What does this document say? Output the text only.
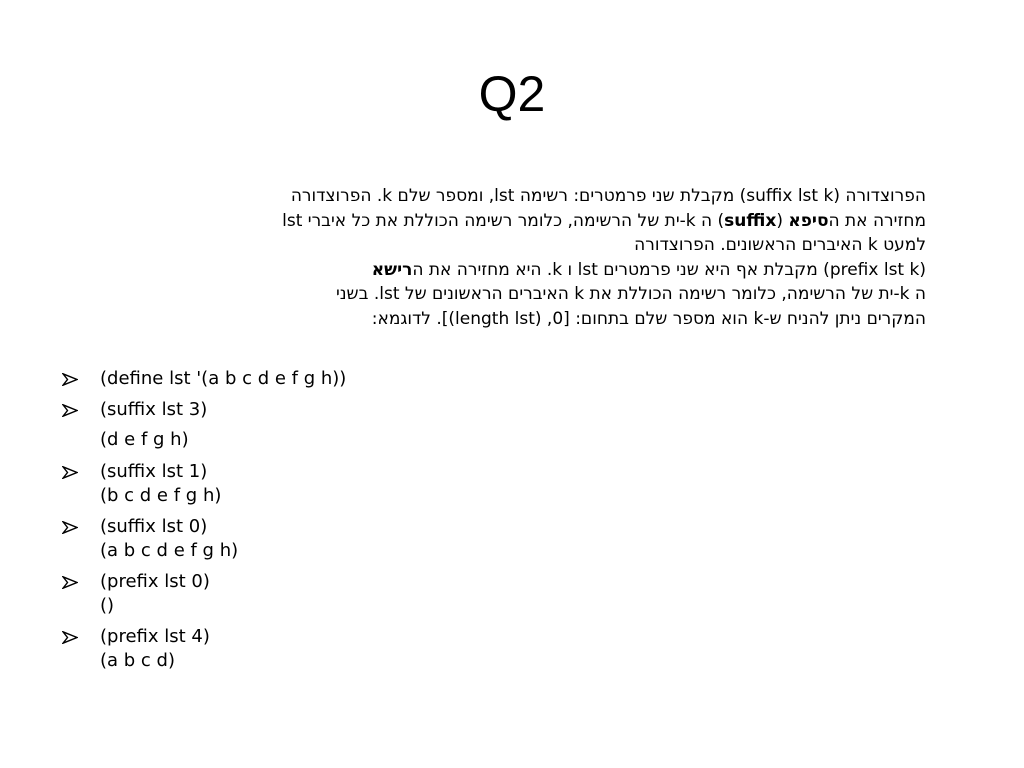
Q2
הפרוצדורה (suffix lst k) מקבלת שני פרמטרים: רשימה lst, ומספר שלם k. הפרוצדורה
מחזירה את הסיפא (suffix) ה k-ית של הרשימה, כלומר רשימה הכוללת את כל איברי lst
למעט k האיברים הראשונים. הפרוצדורה
(prefix lst k) מקבלת אף היא שני פרמטרים lst ו k. היא מחזירה את הרישא
ה k-ית של הרשימה, כלומר רשימה הכוללת את k האיברים הראשונים של lst. בשני
המקרים ניתן להניח ש-k הוא מספר שלם בתחום: [0, (length lst)]. לדוגמא:
(define lst '(a b c d e f g h))
(suffix lst 3)
(d e f g h)
(suffix lst 1)
(b c d e f g h)
(suffix lst 0)
(a b c d e f g h)
(prefix lst 0)
()
(prefix lst 4)
(a b c d)
